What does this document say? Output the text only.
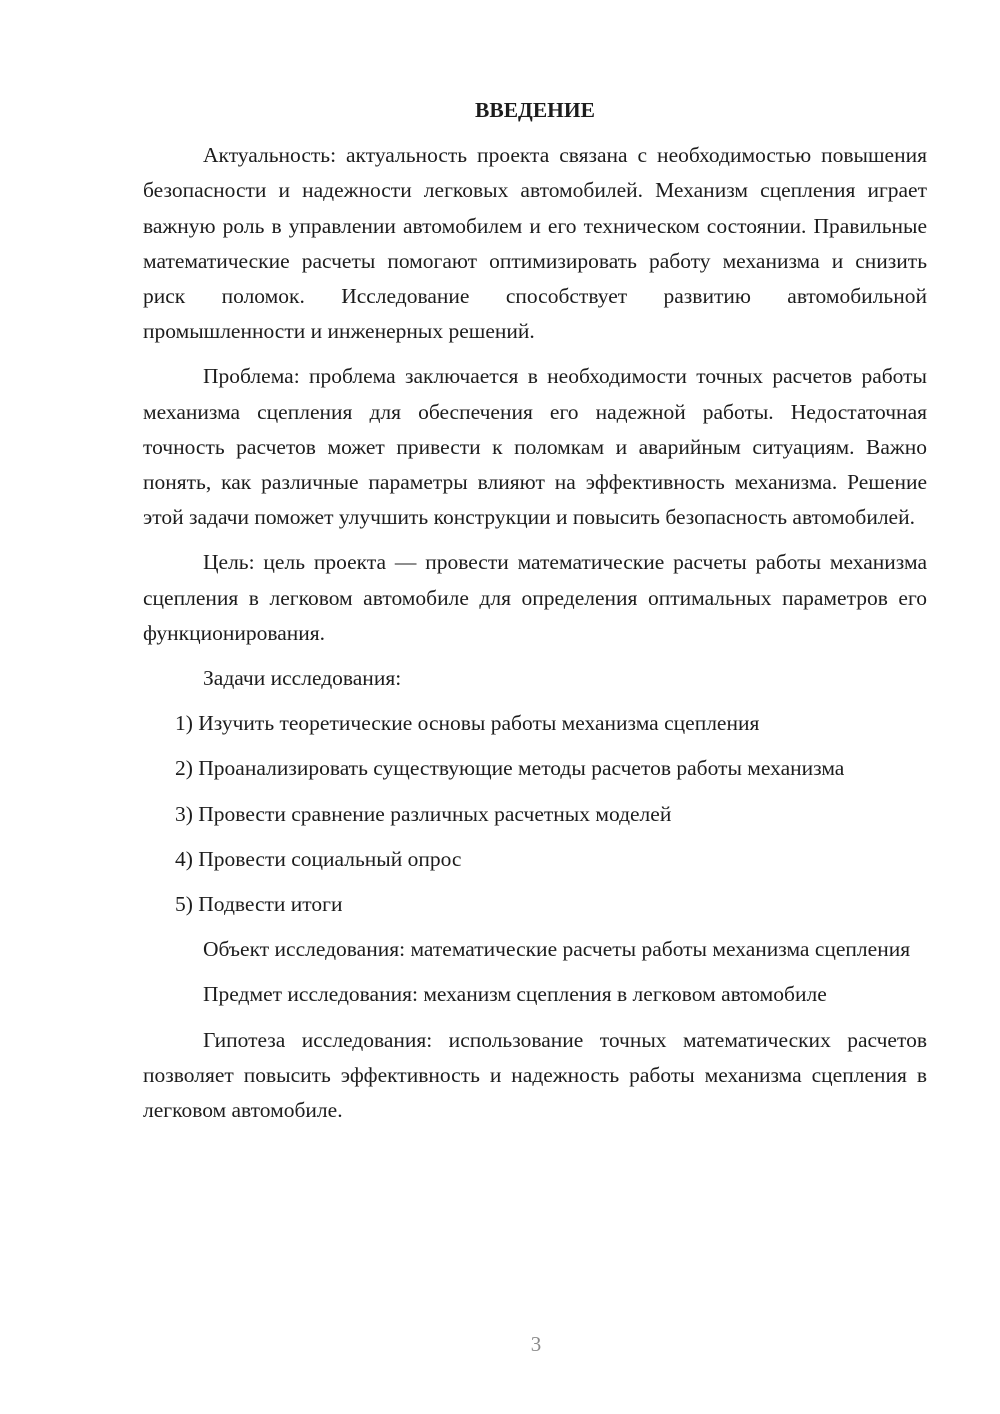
ВВЕДЕНИЕ

Актуальность: актуальность проекта связана с необходимостью повышения безопасности и надежности легковых автомобилей. Механизм сцепления играет важную роль в управлении автомобилем и его техническом состоянии. Правильные математические расчеты помогают оптимизировать работу механизма и снизить риск поломок. Исследование способствует развитию автомобильной промышленности и инженерных решений.

Проблема: проблема заключается в необходимости точных расчетов работы механизма сцепления для обеспечения его надежной работы. Недостаточная точность расчетов может привести к поломкам и аварийным ситуациям. Важно понять, как различные параметры влияют на эффективность механизма. Решение этой задачи поможет улучшить конструкции и повысить безопасность автомобилей.

Цель: цель проекта — провести математические расчеты работы механизма сцепления в легковом автомобиле для определения оптимальных параметров его функционирования.

Задачи исследования:

1) Изучить теоретические основы работы механизма сцепления

2) Проанализировать существующие методы расчетов работы механизма

3) Провести сравнение различных расчетных моделей

4) Провести социальный опрос

5) Подвести итоги

Объект исследования: математические расчеты работы механизма сцепления

Предмет исследования: механизм сцепления в легковом автомобиле

Гипотеза исследования: использование точных математических расчетов позволяет повысить эффективность и надежность работы механизма сцепления в легковом автомобиле.

3
